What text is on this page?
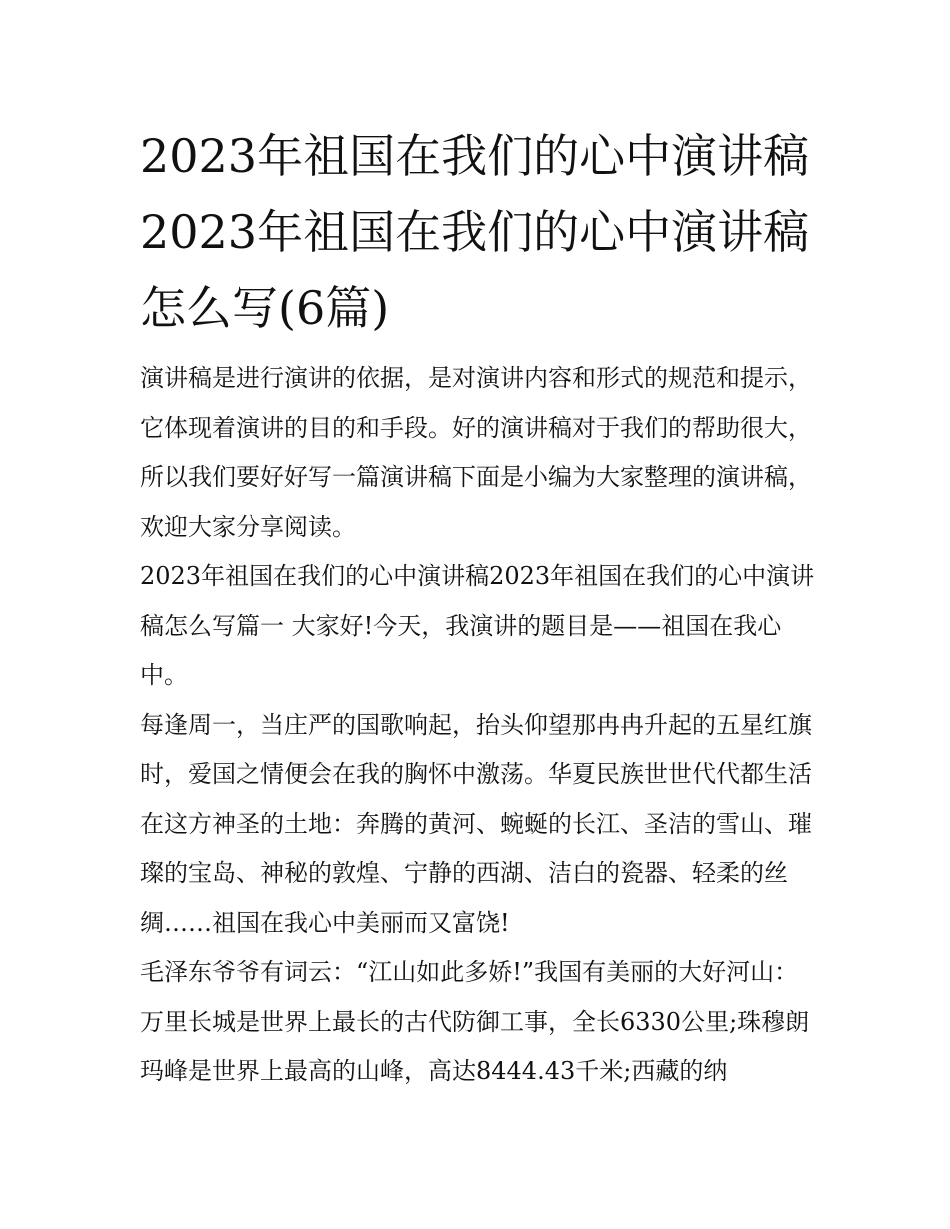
2023年祖国在我们的心中演讲稿2023年祖国在我们的心中演讲稿怎么写(6篇)

演讲稿是进行演讲的依据，是对演讲内容和形式的规范和提示，它体现着演讲的目的和手段。好的演讲稿对于我们的帮助很大，所以我们要好好写一篇演讲稿下面是小编为大家整理的演讲稿，欢迎大家分享阅读。

2023年祖国在我们的心中演讲稿2023年祖国在我们的心中演讲稿怎么写篇一 大家好!今天，我演讲的题目是——祖国在我心中。

每逢周一，当庄严的国歌响起，抬头仰望那冉冉升起的五星红旗时，爱国之情便会在我的胸怀中激荡。华夏民族世世代代都生活在这方神圣的土地：奔腾的黄河、蜿蜒的长江、圣洁的雪山、璀璨的宝岛、神秘的敦煌、宁静的西湖、洁白的瓷器、轻柔的丝绸……祖国在我心中美丽而又富饶!

毛泽东爷爷有词云：“江山如此多娇!”我国有美丽的大好河山：万里长城是世界上最长的古代防御工事，全长6330公里;珠穆朗玛峰是世界上最高的山峰，高达8444.43千米;西藏的纳
